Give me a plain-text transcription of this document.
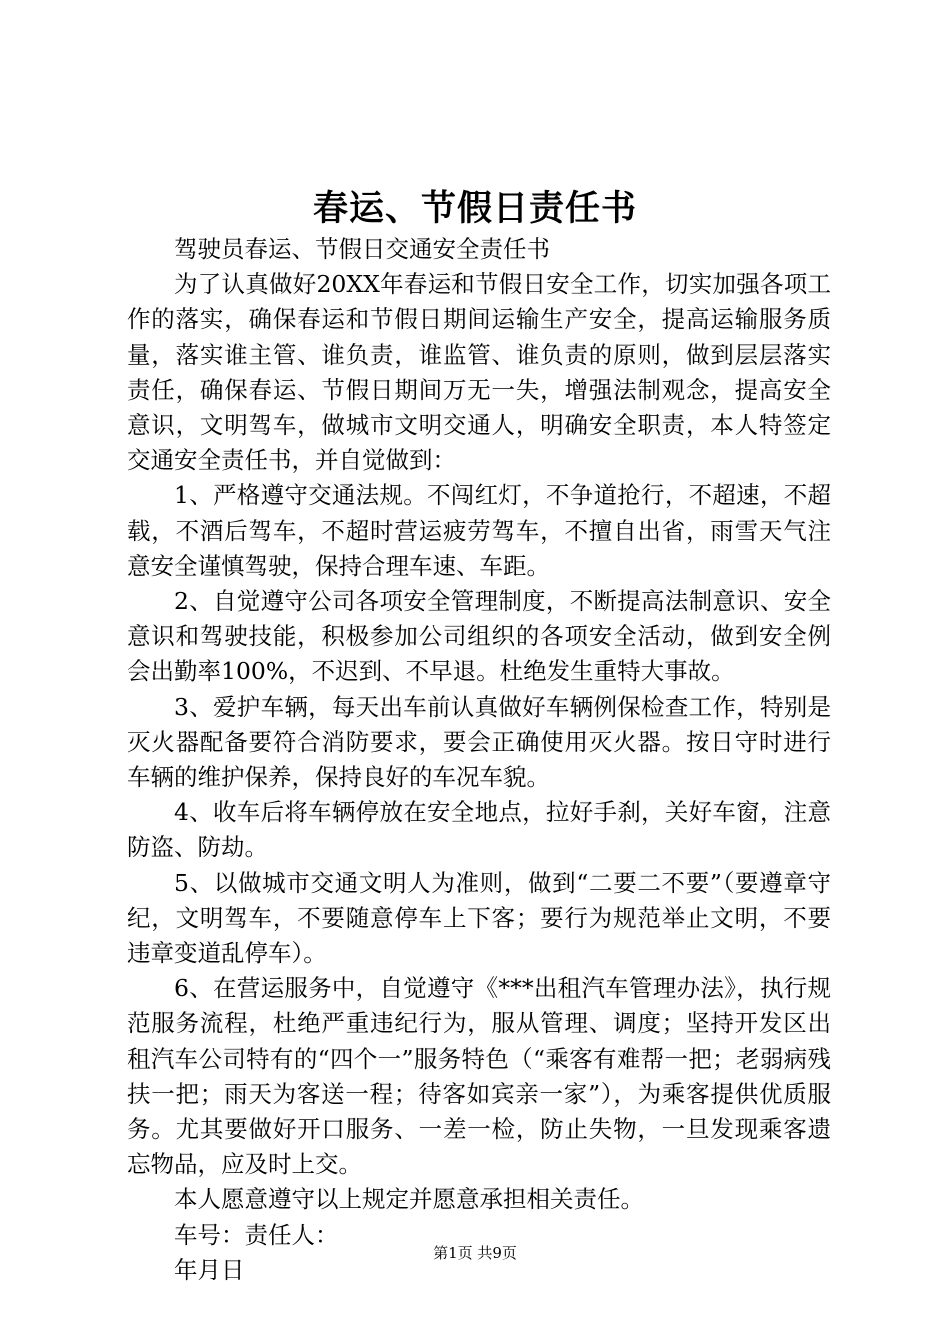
春运、节假日责任书

驾驶员春运、节假日交通安全责任书

为了认真做好20XX年春运和节假日安全工作，切实加强各项工作的落实，确保春运和节假日期间运输生产安全，提高运输服务质量，落实谁主管、谁负责，谁监管、谁负责的原则，做到层层落实责任，确保春运、节假日期间万无一失，增强法制观念，提高安全意识，文明驾车，做城市文明交通人，明确安全职责，本人特签定交通安全责任书，并自觉做到：

1、严格遵守交通法规。不闯红灯，不争道抢行，不超速，不超载，不酒后驾车，不超时营运疲劳驾车，不擅自出省，雨雪天气注意安全谨慎驾驶，保持合理车速、车距。

2、自觉遵守公司各项安全管理制度，不断提高法制意识、安全意识和驾驶技能，积极参加公司组织的各项安全活动，做到安全例会出勤率100%，不迟到、不早退。杜绝发生重特大事故。

3、爱护车辆，每天出车前认真做好车辆例保检查工作，特别是灭火器配备要符合消防要求，要会正确使用灭火器。按日守时进行车辆的维护保养，保持良好的车况车貌。

4、收车后将车辆停放在安全地点，拉好手刹，关好车窗，注意防盗、防劫。

5、以做城市交通文明人为准则，做到“二要二不要”（要遵章守纪，文明驾车，不要随意停车上下客；要行为规范举止文明，不要违章变道乱停车）。

6、在营运服务中，自觉遵守《***出租汽车管理办法》，执行规范服务流程，杜绝严重违纪行为，服从管理、调度；坚持开发区出租汽车公司特有的“四个一”服务特色（“乘客有难帮一把；老弱病残扶一把；雨天为客送一程；待客如宾亲一家”），为乘客提供优质服务。尤其要做好开口服务、一差一检，防止失物，一旦发现乘客遗忘物品，应及时上交。

本人愿意遵守以上规定并愿意承担相关责任。

车号：责任人：

年月日

第1页 共9页
